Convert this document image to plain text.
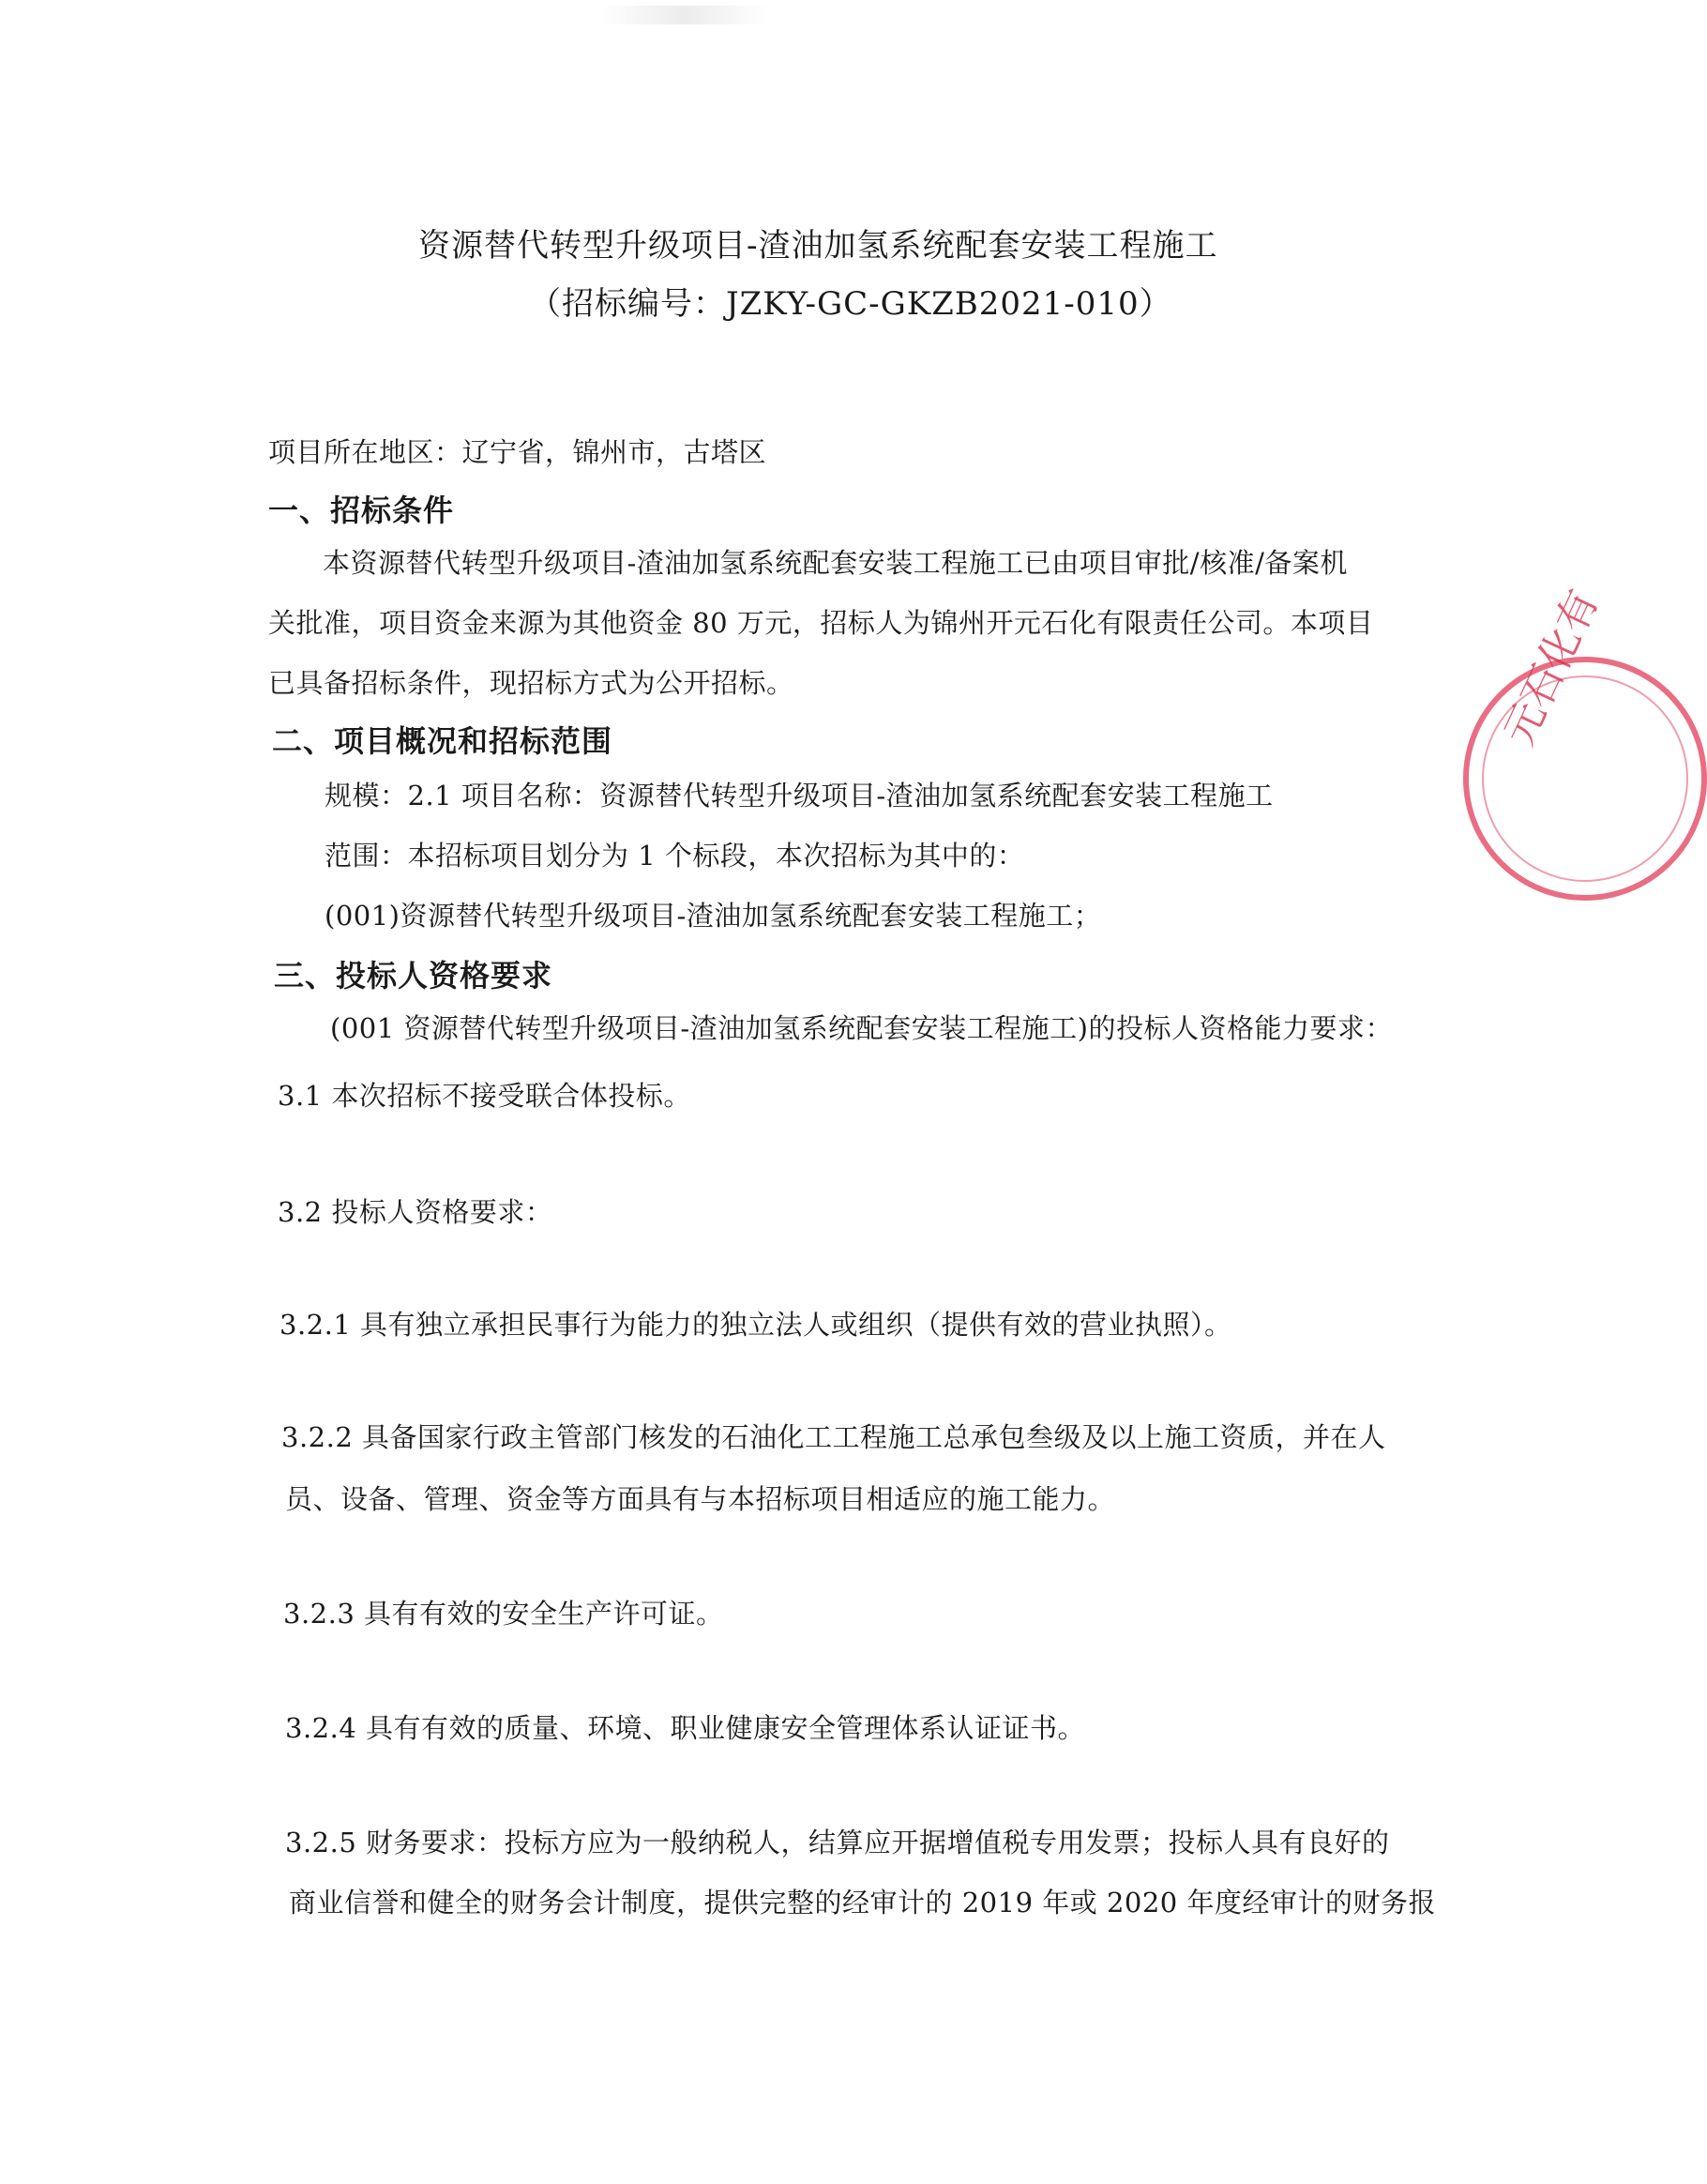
资源替代转型升级项目-渣油加氢系统配套安装工程施工
（招标编号：JZKY-GC-GKZB2021-010）
项目所在地区：辽宁省，锦州市，古塔区
一、招标条件
本资源替代转型升级项目-渣油加氢系统配套安装工程施工已由项目审批/核准/备案机
关批准，项目资金来源为其他资金 80 万元，招标人为锦州开元石化有限责任公司。本项目
已具备招标条件，现招标方式为公开招标。
二、项目概况和招标范围
规模：2.1 项目名称：资源替代转型升级项目-渣油加氢系统配套安装工程施工
范围：本招标项目划分为 1 个标段，本次招标为其中的：
(001)资源替代转型升级项目-渣油加氢系统配套安装工程施工；
三、投标人资格要求
(001 资源替代转型升级项目-渣油加氢系统配套安装工程施工)的投标人资格能力要求：
3.1 本次招标不接受联合体投标。
3.2 投标人资格要求：
3.2.1 具有独立承担民事行为能力的独立法人或组织（提供有效的营业执照）。
3.2.2 具备国家行政主管部门核发的石油化工工程施工总承包叁级及以上施工资质，并在人
员、设备、管理、资金等方面具有与本招标项目相适应的施工能力。
3.2.3 具有有效的安全生产许可证。
3.2.4 具有有效的质量、环境、职业健康安全管理体系认证证书。
3.2.5 财务要求：投标方应为一般纳税人，结算应开据增值税专用发票；投标人具有良好的
商业信誉和健全的财务会计制度，提供完整的经审计的 2019 年或 2020 年度经审计的财务报
元石化有
